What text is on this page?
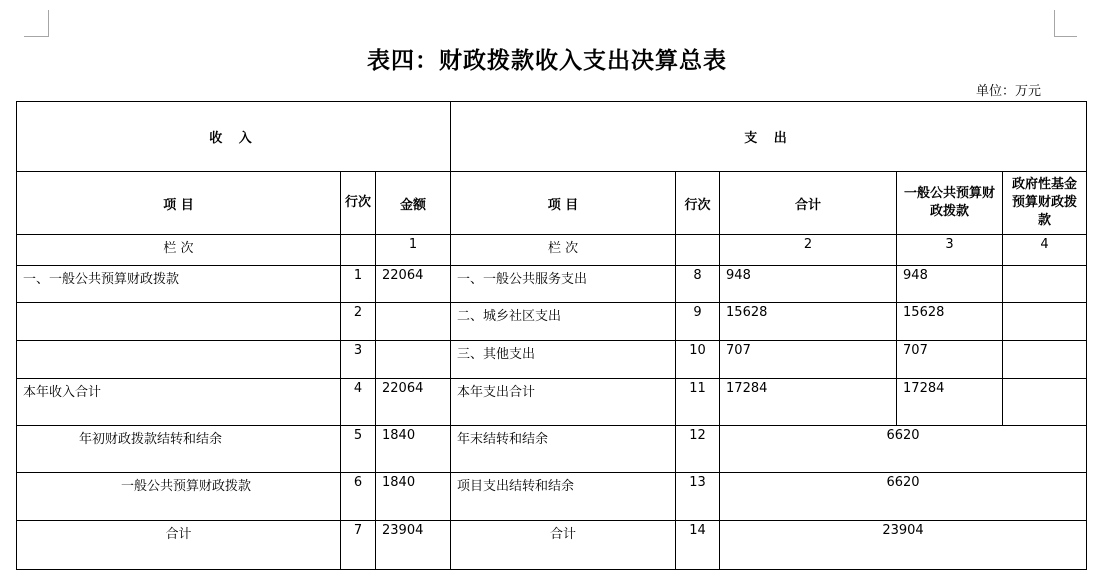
表四：财政拨款收入支出决算总表
单位：万元
收 入			支 出				
项 目	行次	金额	项 目	行次	合计	一般公共预算财政拨款	政府性基金预算财政拨款
栏 次		1	栏 次		2	3	4
一、一般公共预算财政拨款	1	22064	一、一般公共服务支出	8	948	948	
	2		二、城乡社区支出	9	15628	15628	
	3		三、其他支出	10	707	707	
本年收入合计	4	22064	本年支出合计	11	17284	17284	
年初财政拨款结转和结余	5	1840	年末结转和结余	12	6620		
一般公共预算财政拨款	6	1840	项目支出结转和结余	13	6620		
合计	7	23904	合计	14	23904		
